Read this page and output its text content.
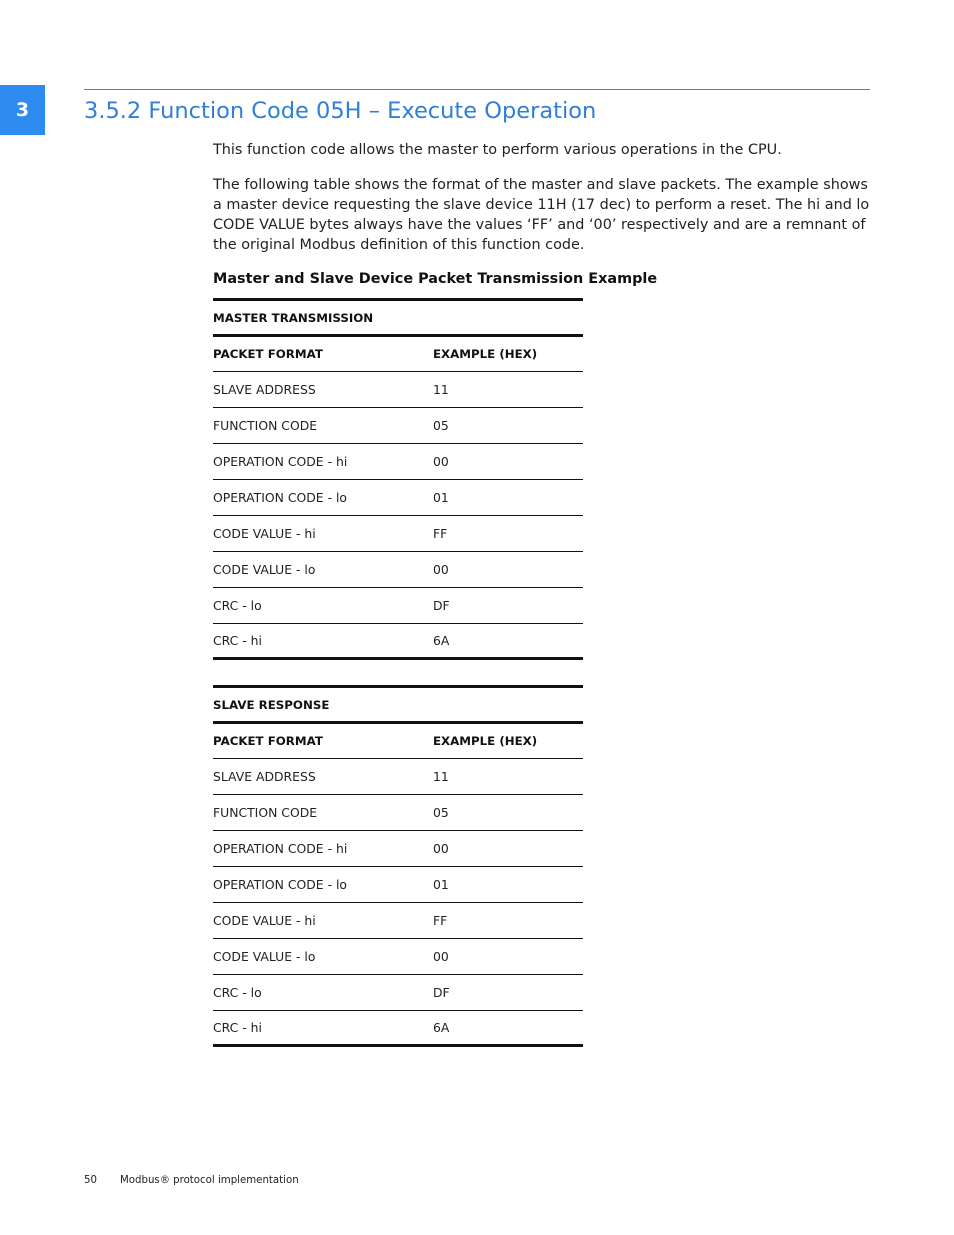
3	3.5.2 Function Code 05H – Execute Operation
This function code allows the master to perform various operations in the CPU.
The following table shows the format of the master and slave packets. The example shows a master device requesting the slave device 11H (17 dec) to perform a reset. The hi and lo CODE VALUE bytes always have the values ‘FF’ and ‘00’ respectively and are a remnant of the original Modbus definition of this function code.
Master and Slave Device Packet Transmission Example
MASTER TRANSMISSION
PACKET FORMAT	EXAMPLE (HEX)
SLAVE ADDRESS	11
FUNCTION CODE	05
OPERATION CODE - hi	00
OPERATION CODE - lo	01
CODE VALUE - hi	FF
CODE VALUE - lo	00
CRC - lo	DF
CRC - hi	6A
SLAVE RESPONSE
PACKET FORMAT	EXAMPLE (HEX)
SLAVE ADDRESS	11
FUNCTION CODE	05
OPERATION CODE - hi	00
OPERATION CODE - lo	01
CODE VALUE - hi	FF
CODE VALUE - lo	00
CRC - lo	DF
CRC - hi	6A
50 Modbus® protocol implementation
